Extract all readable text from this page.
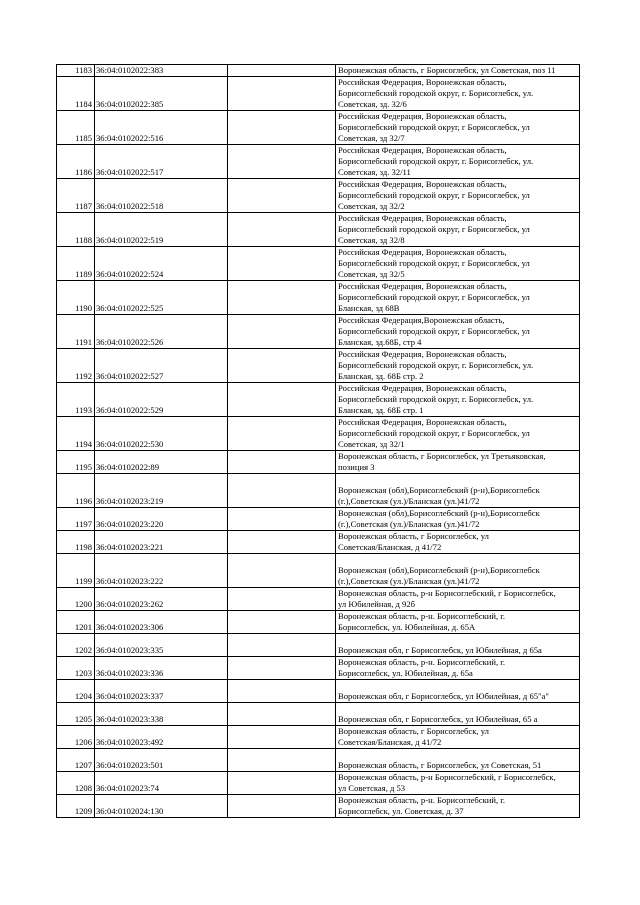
1183	36:04:0102022:383		Воронежская область, г Борисоглебск, ул Советская, поз 11
1184	36:04:0102022:385		Российская Федерация, Воронежская область,
Борисоглебский городской округ, г. Борисоглебск, ул.
Советская, зд. 32/6
1185	36:04:0102022:516		Российская Федерация, Воронежская область,
Борисоглебский городской округ, г Борисоглебск, ул
Советская, зд 32/7
1186	36:04:0102022:517		Российская Федерация, Воронежская область,
Борисоглебский городской округ, г. Борисоглебск, ул.
Советская, зд. 32/11
1187	36:04:0102022:518		Российская Федерация, Воронежская область,
Борисоглебский городской округ, г Борисоглебск, ул
Советская, зд 32/2
1188	36:04:0102022:519		Российская Федерация, Воронежская область,
Борисоглебский городской округ, г Борисоглебск, ул
Советская, зд 32/8
1189	36:04:0102022:524		Российская Федерация, Воронежская область,
Борисоглебский городской округ, г Борисоглебск, ул
Советская, зд 32/5
1190	36:04:0102022:525		Российская Федерация, Воронежская область,
Борисоглебский городской округ, г Борисоглебск, ул
Бланская, зд 68В
1191	36:04:0102022:526		Российская Федерация,Воронежская область,
Борисоглебский городской округ, г Борисоглебск, ул
Бланская, зд.68Б, стр 4
1192	36:04:0102022:527		Российская Федерация, Воронежская область,
Борисоглебский городской округ, г. Борисоглебск, ул.
Бланская, зд. 68Б стр. 2
1193	36:04:0102022:529		Российская Федерация, Воронежская область,
Борисоглебский городской округ, г. Борисоглебск, ул.
Бланская, зд. 68Б стр. 1
1194	36:04:0102022:530		Российская Федерация, Воронежская область,
Борисоглебский городской округ, г Борисоглебск, ул
Советская, зд 32/1
1195	36:04:0102022:89		Воронежская область, г Борисоглебск, ул Третьяковская,
позиция 3
1196	36:04:0102023:219		Воронежская (обл),Борисоглебский (р-н),Борисоглебск
(г.),Советская (ул.)/Бланская (ул.)41/72
1197	36:04:0102023:220		Воронежская (обл),Борисоглебский (р-н),Борисоглебск
(г.),Советская (ул.)/Бланская (ул.)41/72
1198	36:04:0102023:221		Воронежская область, г Борисоглебск, ул
Советская/Бланская, д 41/72
1199	36:04:0102023:222		Воронежская (обл),Борисоглебский (р-н),Борисоглебск
(г.),Советская (ул.)/Бланская (ул.)41/72
1200	36:04:0102023:262		Воронежская область, р-н Борисоглебский, г Борисоглебск,
ул Юбилейная, д 92б
1201	36:04:0102023:306		Воронежская область, р-н. Борисоглебский, г.
Борисоглебск, ул. Юбилейная, д. 65А
1202	36:04:0102023:335		Воронежская обл, г Борисоглебск, ул Юбилейная, д 65а
1203	36:04:0102023:336		Воронежская область, р-н. Борисоглебский, г.
Борисоглебск, ул. Юбилейная, д. 65а
1204	36:04:0102023:337		Воронежская обл, г Борисоглебск, ул Юбилейная, д 65"а"
1205	36:04:0102023:338		Воронежская обл, г Борисоглебск, ул Юбилейная, 65 а
1206	36:04:0102023:492		Воронежская область, г Борисоглебск, ул
Советская/Бланская, д 41/72
1207	36:04:0102023:501		Воронежская область, г Борисоглебск, ул Советская, 51
1208	36:04:0102023:74		Воронежская область, р-н Борисоглебский, г Борисоглебск,
ул Советская, д 53
1209	36:04:0102024:130		Воронежская область, р-н. Борисоглебский, г.
Борисоглебск, ул. Советская, д. 37
